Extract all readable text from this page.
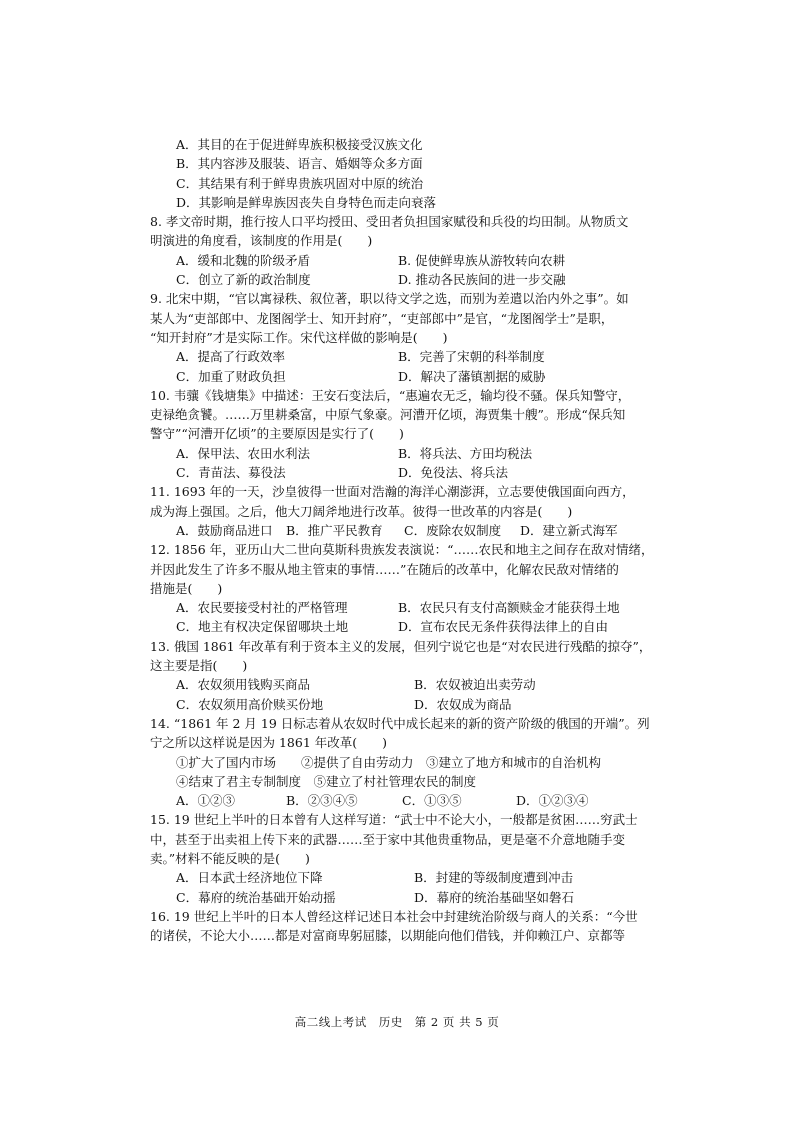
A．其目的在于促进鲜卑族积极接受汉族文化
B．其内容涉及服装、语言、婚姻等众多方面
C．其结果有利于鲜卑贵族巩固对中原的统治
D．其影响是鲜卑族因丧失自身特色而走向衰落
8. 孝文帝时期，推行按人口平均授田、受田者负担国家赋役和兵役的均田制。从物质文
明演进的角度看，该制度的作用是(　　)
A．缓和北魏的阶级矛盾	B. 促使鲜卑族从游牧转向农耕
C．创立了新的政治制度	D. 推动各民族间的进一步交融
9. 北宋中期，“官以寓禄秩、叙位著，职以待文学之选，而别为差遣以治内外之事”。如
某人为“吏部郎中、龙图阁学士、知开封府”，“吏部郎中”是官，“龙图阁学士”是职，
“知开封府”才是实际工作。宋代这样做的影响是(　　)
A．提高了行政效率	B．完善了宋朝的科举制度
C．加重了财政负担	D．解决了藩镇割据的威胁
10. 韦骧《钱塘集》中描述：王安石变法后，“惠遍农无乏，输均役不骚。保兵知警守，
吏禄绝贪饕。……万里耕桑富，中原气象豪。河漕开亿顷，海贾集十艘”。形成“保兵知
警守”“河漕开亿顷”的主要原因是实行了(　　)
A．保甲法、农田水利法	B．将兵法、方田均税法
C．青苗法、募役法	D．免役法、将兵法
11. 1693 年的一天，沙皇彼得一世面对浩瀚的海洋心潮澎湃，立志要使俄国面向西方，
成为海上强国。之后，他大刀阔斧地进行改革。彼得一世改革的内容是(　　)
A．鼓励商品进口	B．推广平民教育	C．废除农奴制度	D．建立新式海军
12. 1856 年，亚历山大二世向莫斯科贵族发表演说：“……农民和地主之间存在敌对情绪，
并因此发生了许多不服从地主管束的事情……”在随后的改革中，化解农民敌对情绪的
措施是(　　)
A．农民要接受村社的严格管理	B．农民只有支付高额赎金才能获得土地
C．地主有权决定保留哪块土地	D．宣布农民无条件获得法律上的自由
13. 俄国 1861 年改革有利于资本主义的发展，但列宁说它也是“对农民进行残酷的掠夺”，
这主要是指(　　)
A．农奴须用钱购买商品	B．农奴被迫出卖劳动
C．农奴须用高价赎买份地	D．农奴成为商品
14. “1861 年 2 月 19 日标志着从农奴时代中成长起来的新的资产阶级的俄国的开端”。列
宁之所以这样说是因为 1861 年改革(　　)
①扩大了国内市场　　②提供了自由劳动力　③建立了地方和城市的自治机构
④结束了君主专制制度　⑤建立了村社管理农民的制度
A．①②③	B．②③④⑤	C．①③⑤	D．①②③④
15. 19 世纪上半叶的日本曾有人这样写道：“武士中不论大小，一般都是贫困……穷武士
中，甚至于出卖祖上传下来的武器……至于家中其他贵重物品，更是毫不介意地随手变
卖。”材料不能反映的是(　　)
A．日本武士经济地位下降	B．封建的等级制度遭到冲击
C．幕府的统治基础开始动摇	D．幕府的统治基础坚如磐石
16. 19 世纪上半叶的日本人曾经这样记述日本社会中封建统治阶级与商人的关系：“今世
的诸侯，不论大小……都是对富商卑躬屈膝，以期能向他们借钱，并仰赖江户、京都等
高二线上考试　历史　第 2 页 共 5 页
